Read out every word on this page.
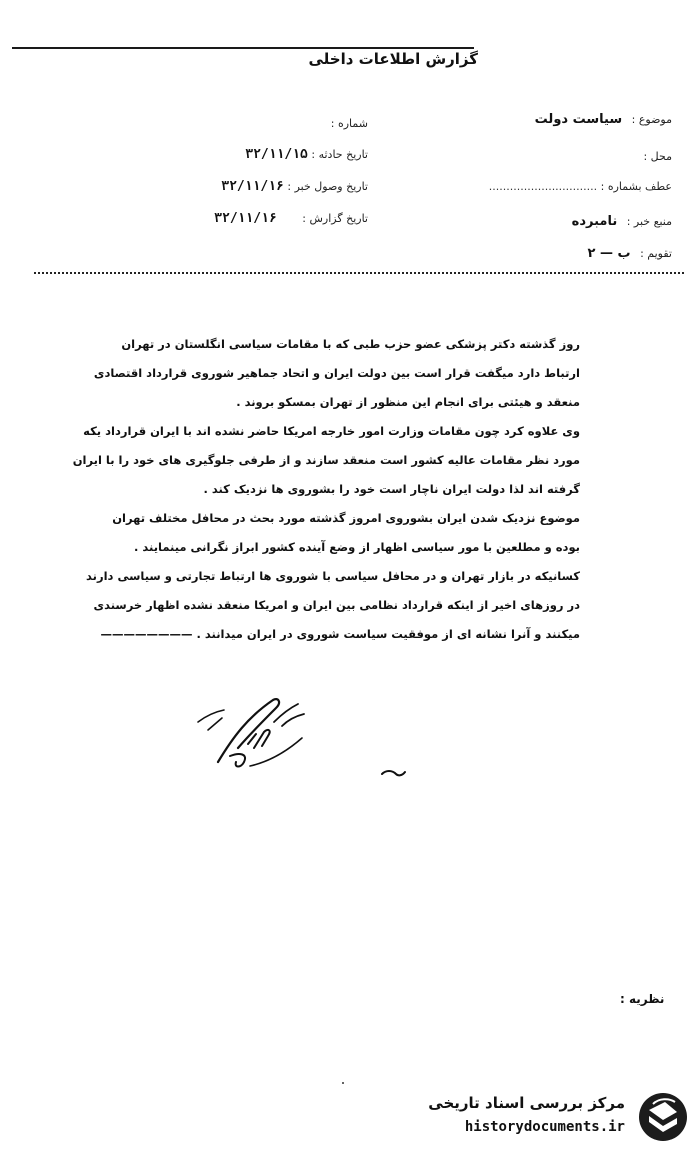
گزارش اطلاعات داخلی
موضوع : سیاست دولت
محل :
عطف بشماره : ...............................
منبع خبر : نامبرده
تقویم : ب — ۲
شماره :
تاریخ حادثه : ۳۲/۱۱/۱۵
تاریخ وصول خبر : ۳۲/۱۱/۱۶
تاریخ گزارش : ۳۲/۱۱/۱۶

روز گذشته دکتر پزشکی عضو حزب طبی که با مقامات سیاسی انگلستان در تهران

ارتباط دارد میگفت قرار است بین دولت ایران و اتحاد جماهیر شوروی قرارداد اقتصادی

منعقد و هیئتی برای انجام این منظور از تهران بمسکو بروند .

وی علاوه کرد چون مقامات وزارت امور خارجه امریکا حاضر نشده اند با ایران قرارداد یکه

مورد نظر مقامات عالیه کشور است منعقد سازند و از طرفی جلوگیری های خود را با ایران

گرفته اند لذا دولت ایران ناچار است خود را بشوروی ها نزدیک کند .

موضوع نزدیک شدن ایران بشوروی امروز گذشته مورد بحث در محافل مختلف تهران

بوده و مطلعین با مور سیاسی اظهار از وضع آینده کشور ابراز نگرانی مینمایند .

کسانیکه در بازار تهران و در محافل سیاسی با شوروی ها ارتباط تجارتی و سیاسی دارند

در روزهای اخیر از اینکه قرارداد نظامی بین ایران و امریکا منعقد نشده اظهار خرسندی

میکنند و آنرا نشانه ای از موفقیت سیاست شوروی در ایران میدانند . ————————

نظریه :
مرکز بررسی اسناد تاریخی
historydocuments.ir
